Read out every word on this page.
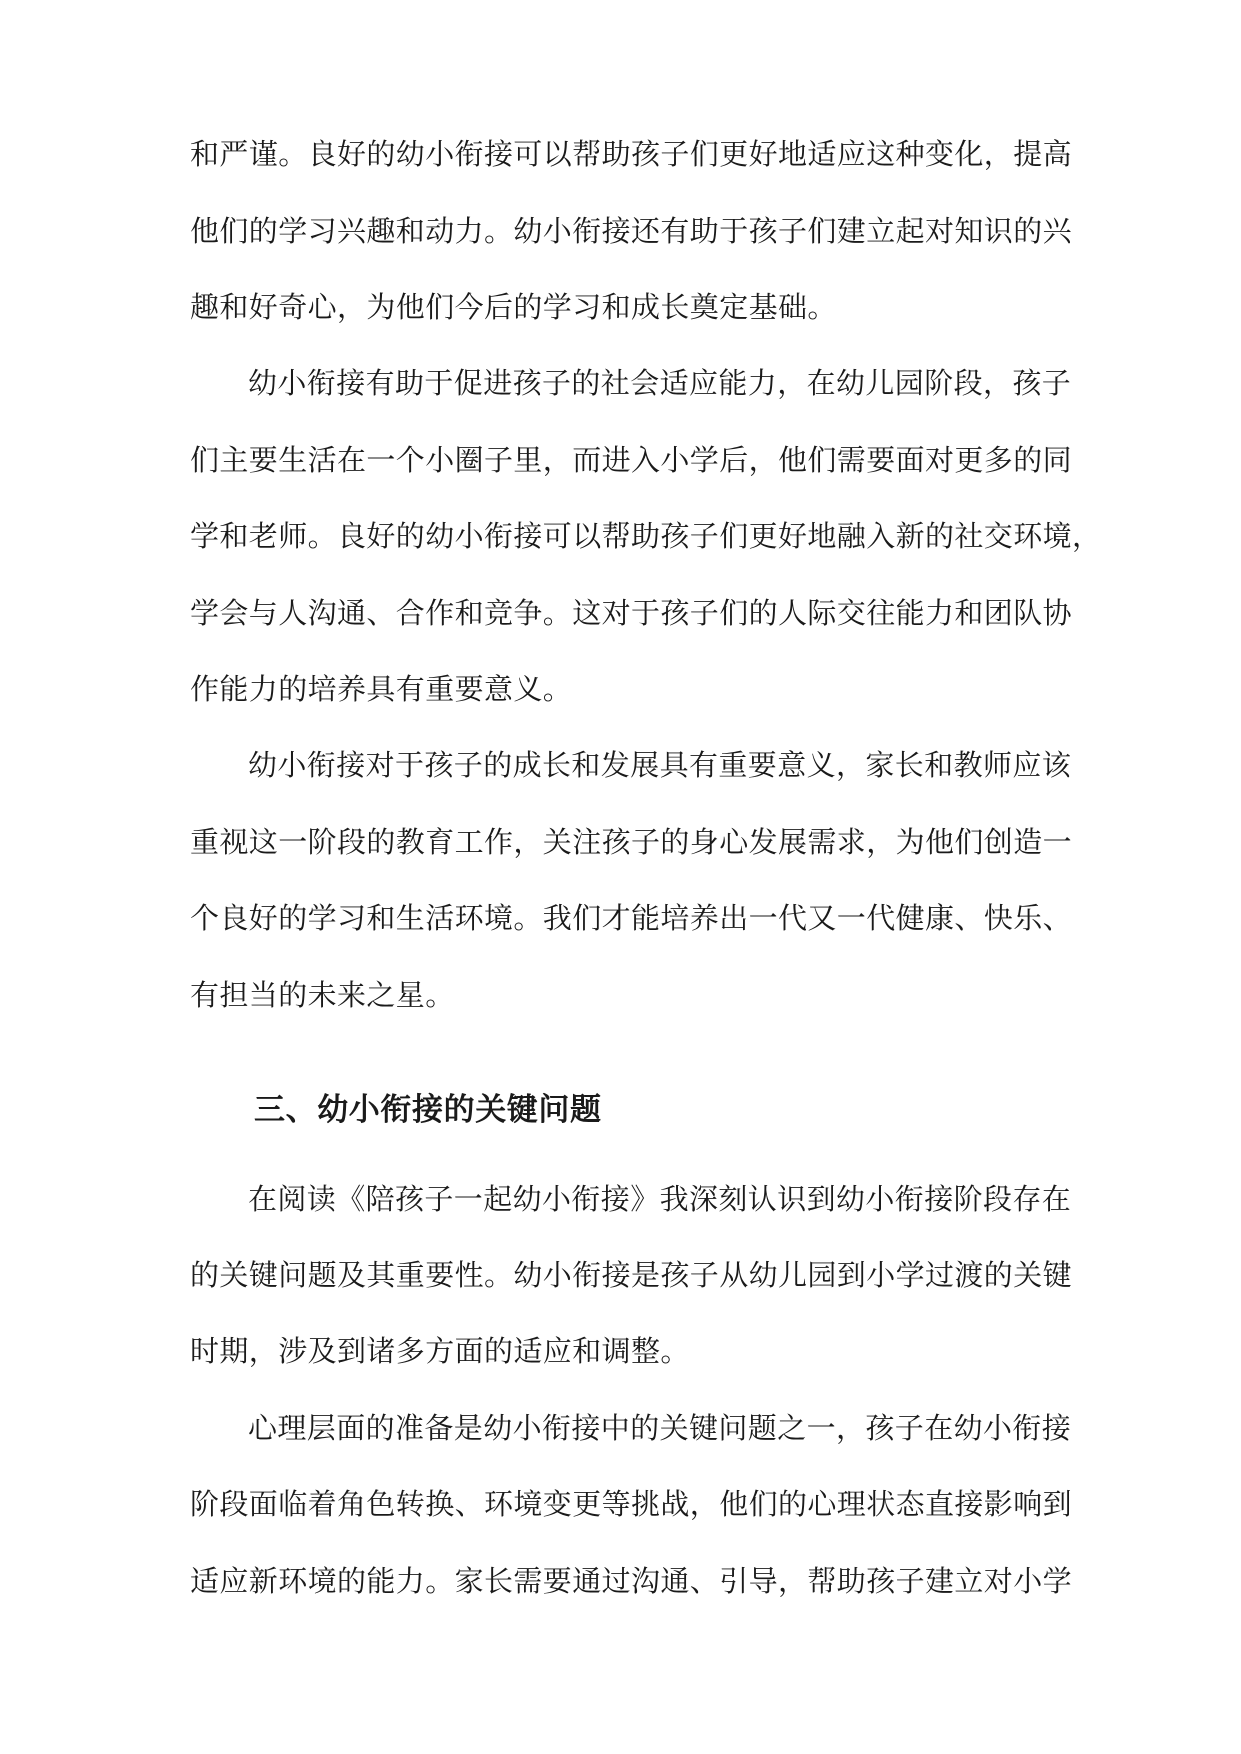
和严谨。良好的幼小衔接可以帮助孩子们更好地适应这种变化，提高
他们的学习兴趣和动力。幼小衔接还有助于孩子们建立起对知识的兴
趣和好奇心，为他们今后的学习和成长奠定基础。
幼小衔接有助于促进孩子的社会适应能力，在幼儿园阶段，孩子
们主要生活在一个小圈子里，而进入小学后，他们需要面对更多的同
学和老师。良好的幼小衔接可以帮助孩子们更好地融入新的社交环境，
学会与人沟通、合作和竞争。这对于孩子们的人际交往能力和团队协
作能力的培养具有重要意义。
幼小衔接对于孩子的成长和发展具有重要意义，家长和教师应该
重视这一阶段的教育工作，关注孩子的身心发展需求，为他们创造一
个良好的学习和生活环境。我们才能培养出一代又一代健康、快乐、
有担当的未来之星。
三、幼小衔接的关键问题
在阅读《陪孩子一起幼小衔接》我深刻认识到幼小衔接阶段存在
的关键问题及其重要性。幼小衔接是孩子从幼儿园到小学过渡的关键
时期，涉及到诸多方面的适应和调整。
心理层面的准备是幼小衔接中的关键问题之一，孩子在幼小衔接
阶段面临着角色转换、环境变更等挑战，他们的心理状态直接影响到
适应新环境的能力。家长需要通过沟通、引导，帮助孩子建立对小学
